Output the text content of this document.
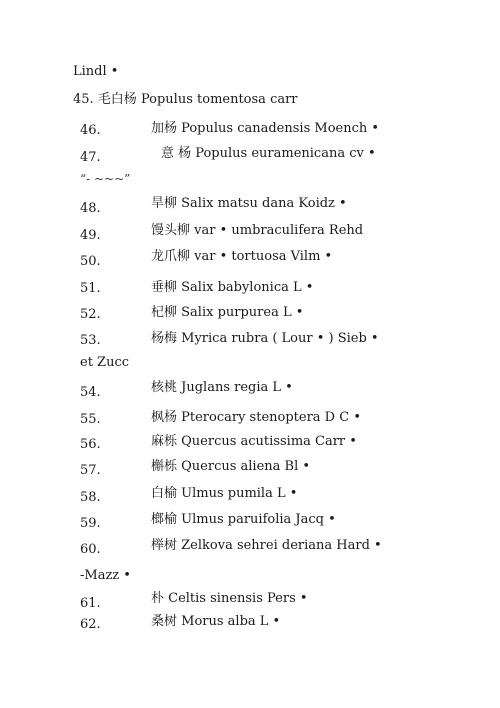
Lindl •
45. 毛白杨 Populus tomentosa carr
46.	加杨 Populus canadensis Moench •
47.	意 杨 Populus euramenicana cv •
“- ~~~”
48.	旱柳 Salix matsu dana Koidz •
49.	馒头柳 var • umbraculifera Rehd
50.	龙爪柳 var • tortuosa Vilm •
51.	垂柳 Salix babylonica L •
52.	杞柳 Salix purpurea L •
53.	杨梅 Myrica rubra ( Lour • ) Sieb •
et Zucc
54.	核桃 Juglans regia L •
55.	枫杨 Pterocary stenoptera D C •
56.	麻栎 Quercus acutissima Carr •
57.	槲栎 Quercus aliena Bl •
58.	白榆 Ulmus pumila L •
59.	榔榆 Ulmus paruifolia Jacq •
60.	榉树 Zelkova sehrei deriana Hard •
-Mazz •
61.	朴 Celtis sinensis Pers •
62.	桑树 Morus alba L •
